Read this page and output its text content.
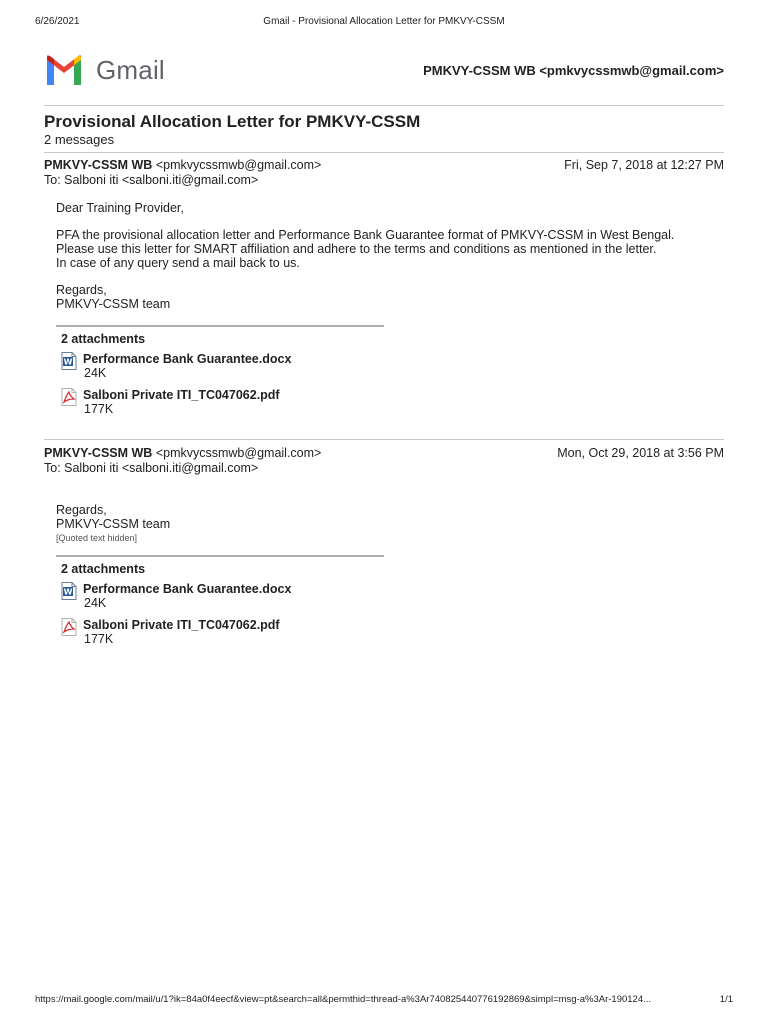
6/26/2021	Gmail - Provisional Allocation Letter for PMKVY-CSSM
Gmail	PMKVY-CSSM WB <pmkvycssmwb@gmail.com>
Provisional Allocation Letter for PMKVY-CSSM
2 messages
PMKVY-CSSM WB <pmkvycssmwb@gmail.com>	Fri, Sep 7, 2018 at 12:27 PM
To: Salboni iti <salboni.iti@gmail.com>

Dear Training Provider,

PFA the provisional allocation letter and Performance Bank Guarantee format of PMKVY-CSSM in West Bengal.

Please use this letter for SMART affiliation and adhere to the terms and conditions as mentioned in the letter.

In case of any query send a mail back to us.

Regards,

PMKVY-CSSM team

2 attachments
W Performance Bank Guarantee.docx
24K
Salboni Private ITI_TC047062.pdf
177K
PMKVY-CSSM WB <pmkvycssmwb@gmail.com>	Mon, Oct 29, 2018 at 3:56 PM
To: Salboni iti <salboni.iti@gmail.com>

Regards,

PMKVY-CSSM team

[Quoted text hidden]

2 attachments
W Performance Bank Guarantee.docx
24K
Salboni Private ITI_TC047062.pdf
177K
https://mail.google.com/mail/u/1?ik=84a0f4eecf&view=pt&search=all&permthid=thread-a%3Ar740825440776192869&simpl=msg-a%3Ar-190124...	1/1
